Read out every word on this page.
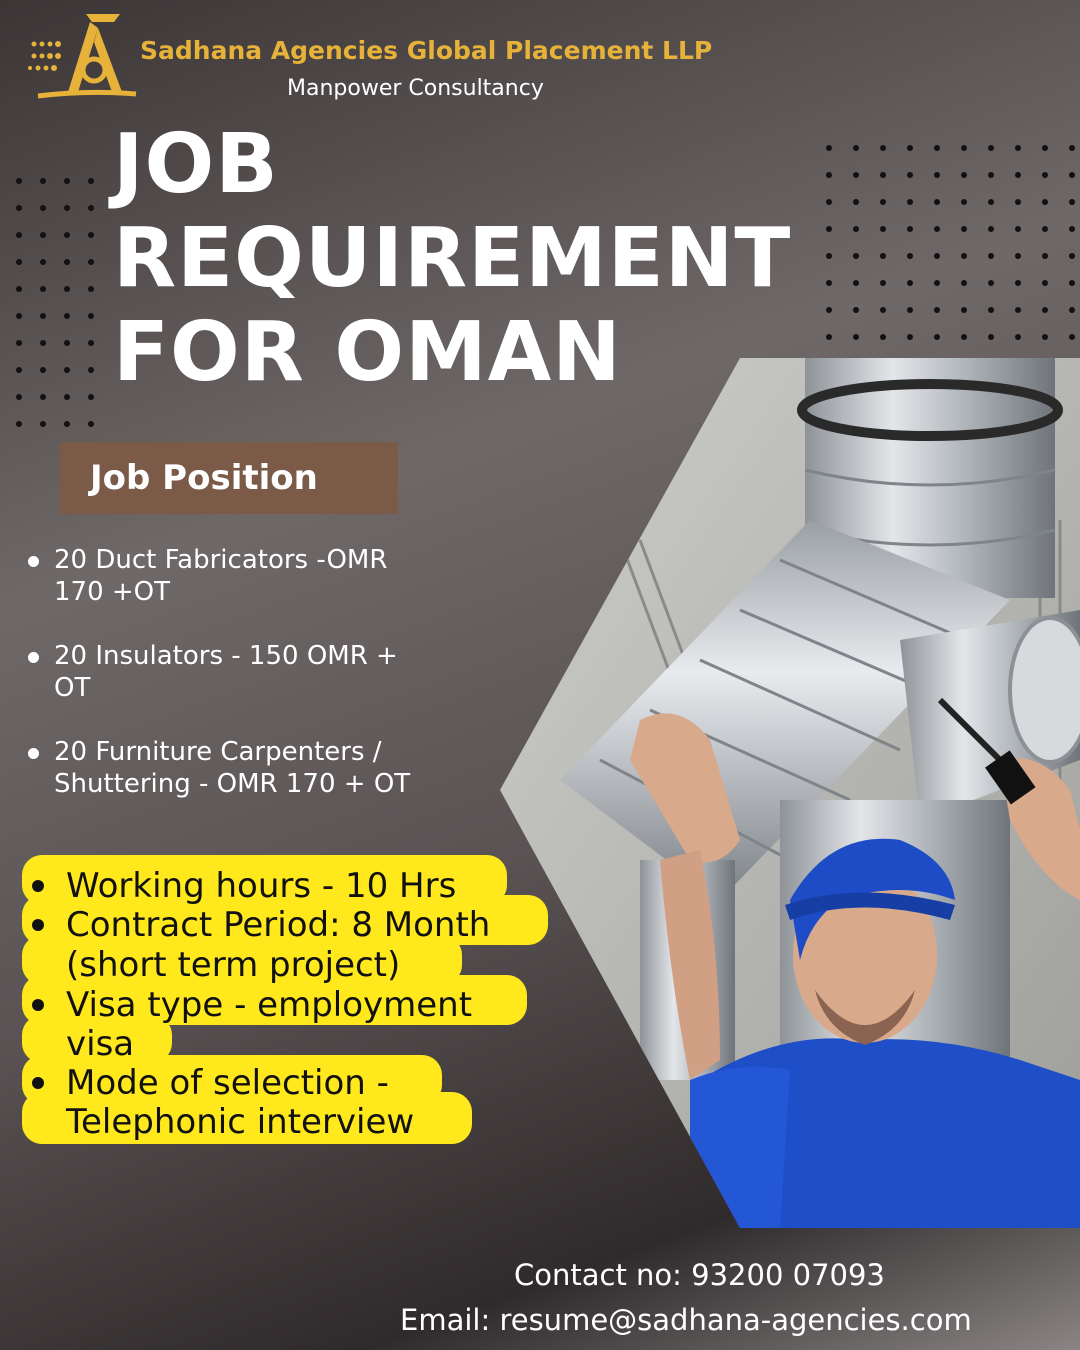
Sadhana Agencies Global Placement LLP
Manpower Consultancy
JOB
REQUIREMENT
FOR OMAN
Job Position
20 Duct Fabricators -OMR
170 +OT
20 Insulators - 150 OMR +
OT
20 Furniture Carpenters /
Shuttering - OMR 170 + OT
Working hours - 10 Hrs
Contract Period: 8 Month
(short term project)
Visa type - employment
visa
Mode of selection -
Telephonic interview
Contact no: 93200 07093
Email: resume@sadhana-agencies.com
